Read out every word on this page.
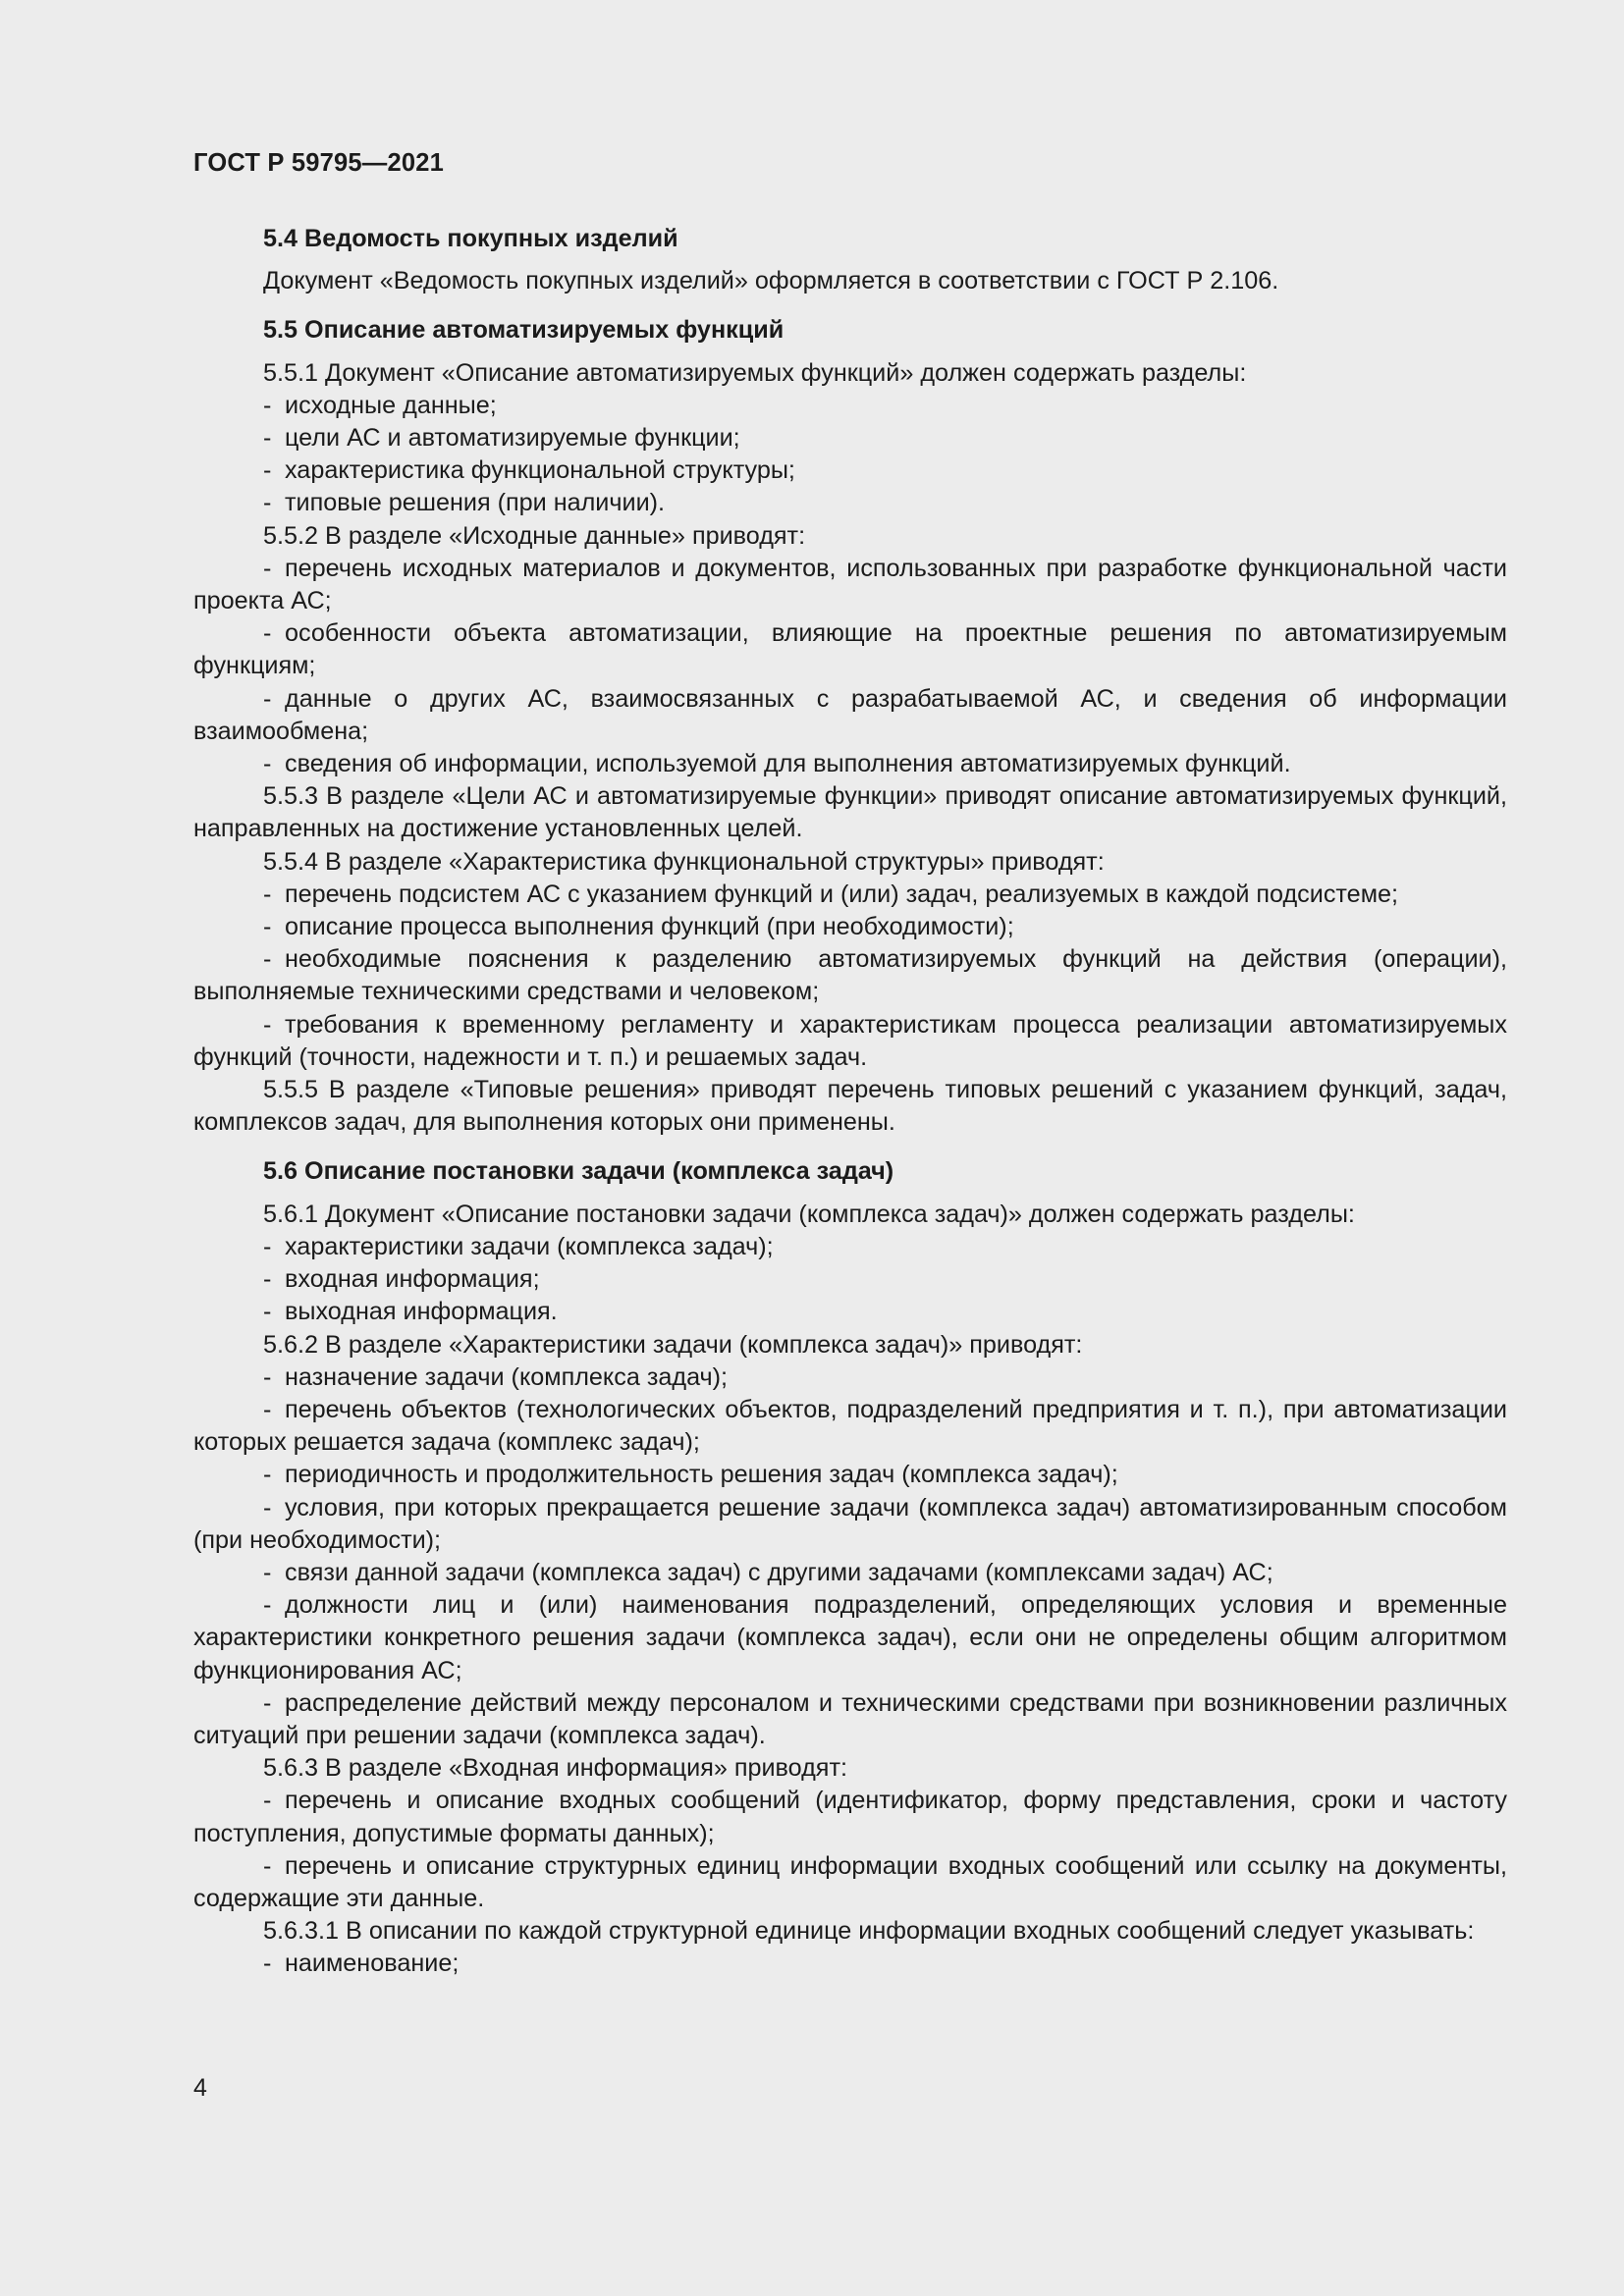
ГОСТ Р 59795—2021
5.4 Ведомость покупных изделий
Документ «Ведомость покупных изделий» оформляется в соответствии с ГОСТ Р 2.106.
5.5 Описание автоматизируемых функций
5.5.1 Документ «Описание автоматизируемых функций» должен содержать разделы:
- исходные данные;
- цели АС и автоматизируемые функции;
- характеристика функциональной структуры;
- типовые решения (при наличии).
5.5.2 В разделе «Исходные данные» приводят:
- перечень исходных материалов и документов, использованных при разработке функциональной части проекта АС;
- особенности объекта автоматизации, влияющие на проектные решения по автоматизируемым функциям;
- данные о других АС, взаимосвязанных с разрабатываемой АС, и сведения об информации взаимообмена;
- сведения об информации, используемой для выполнения автоматизируемых функций.
5.5.3 В разделе «Цели АС и автоматизируемые функции» приводят описание автоматизируемых функций, направленных на достижение установленных целей.
5.5.4 В разделе «Характеристика функциональной структуры» приводят:
- перечень подсистем АС с указанием функций и (или) задач, реализуемых в каждой подсистеме;
- описание процесса выполнения функций (при необходимости);
- необходимые пояснения к разделению автоматизируемых функций на действия (операции), выполняемые техническими средствами и человеком;
- требования к временному регламенту и характеристикам процесса реализации автоматизируемых функций (точности, надежности и т. п.) и решаемых задач.
5.5.5 В разделе «Типовые решения» приводят перечень типовых решений с указанием функций, задач, комплексов задач, для выполнения которых они применены.
5.6 Описание постановки задачи (комплекса задач)
5.6.1 Документ «Описание постановки задачи (комплекса задач)» должен содержать разделы:
- характеристики задачи (комплекса задач);
- входная информация;
- выходная информация.
5.6.2 В разделе «Характеристики задачи (комплекса задач)» приводят:
- назначение задачи (комплекса задач);
- перечень объектов (технологических объектов, подразделений предприятия и т. п.), при автоматизации которых решается задача (комплекс задач);
- периодичность и продолжительность решения задач (комплекса задач);
- условия, при которых прекращается решение задачи (комплекса задач) автоматизированным способом (при необходимости);
- связи данной задачи (комплекса задач) с другими задачами (комплексами задач) АС;
- должности лиц и (или) наименования подразделений, определяющих условия и временные характеристики конкретного решения задачи (комплекса задач), если они не определены общим алгоритмом функционирования АС;
- распределение действий между персоналом и техническими средствами при возникновении различных ситуаций при решении задачи (комплекса задач).
5.6.3 В разделе «Входная информация» приводят:
- перечень и описание входных сообщений (идентификатор, форму представления, сроки и частоту поступления, допустимые форматы данных);
- перечень и описание структурных единиц информации входных сообщений или ссылку на документы, содержащие эти данные.
5.6.3.1 В описании по каждой структурной единице информации входных сообщений следует указывать:
- наименование;
4
